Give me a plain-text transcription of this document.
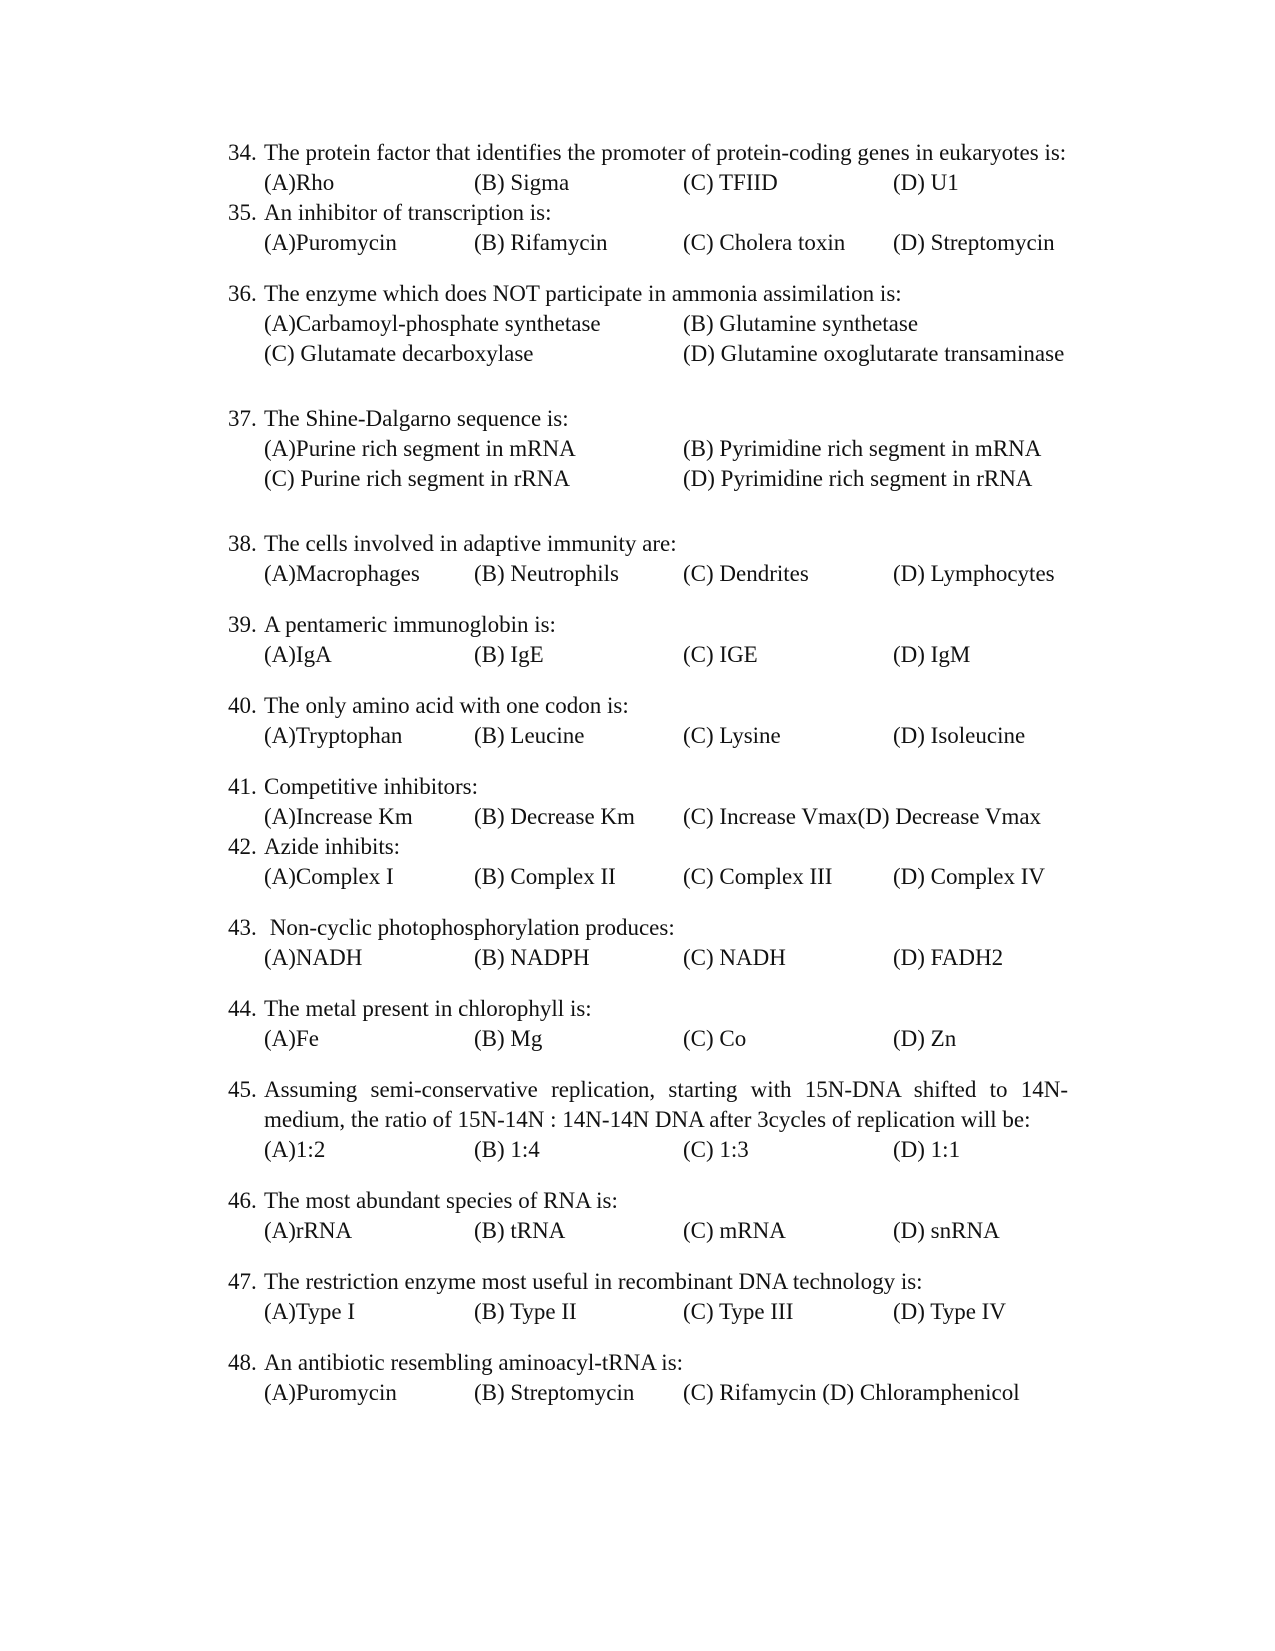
34. The protein factor that identifies the promoter of protein-coding genes in eukaryotes is:
(A)Rho	(B) Sigma	(C) TFIID	(D) U1
35. An inhibitor of transcription is:
(A)Puromycin	(B) Rifamycin	(C) Cholera toxin (D) Streptomycin
36. The enzyme which does NOT participate in ammonia assimilation is:
(A)Carbamoyl-phosphate synthetase	(B) Glutamine synthetase
(C) Glutamate decarboxylase	(D) Glutamine oxoglutarate transaminase
37. The Shine-Dalgarno sequence is:
(A)Purine rich segment in mRNA	(B) Pyrimidine rich segment in mRNA
(C) Purine rich segment in rRNA	(D) Pyrimidine rich segment in rRNA
38. The cells involved in adaptive immunity are:
(A)Macrophages (B) Neutrophils	(C) Dendrites	(D) Lymphocytes
39. A pentameric immunoglobin is:
(A)IgA	(B) IgE	(C) IGE	(D) IgM
40. The only amino acid with one codon is:
(A)Tryptophan	(B) Leucine	(C) Lysine	(D) Isoleucine
41. Competitive inhibitors:
(A)Increase Km	(B) Decrease Km (C) Increase Vmax(D) Decrease Vmax
42. Azide inhibits:
(A)Complex I	(B) Complex II	(C) Complex III	(D) Complex IV
43. Non-cyclic photophosphorylation produces:
(A)NADH	(B) NADPH	(C) NADH	(D) FADH2
44. The metal present in chlorophyll is:
(A)Fe	(B) Mg	(C) Co	(D) Zn
45. Assuming semi-conservative replication, starting with 15N-DNA shifted to 14N-medium, the ratio of 15N-14N : 14N-14N DNA after 3cycles of replication will be:
(A)1:2	(B) 1:4	(C) 1:3	(D) 1:1
46. The most abundant species of RNA is:
(A)rRNA	(B) tRNA	(C) mRNA	(D) snRNA
47. The restriction enzyme most useful in recombinant DNA technology is:
(A)Type I	(B) Type II	(C) Type III	(D) Type IV
48. An antibiotic resembling aminoacyl-tRNA is:
(A)Puromycin	(B) Streptomycin (C) Rifamycin (D) Chloramphenicol
